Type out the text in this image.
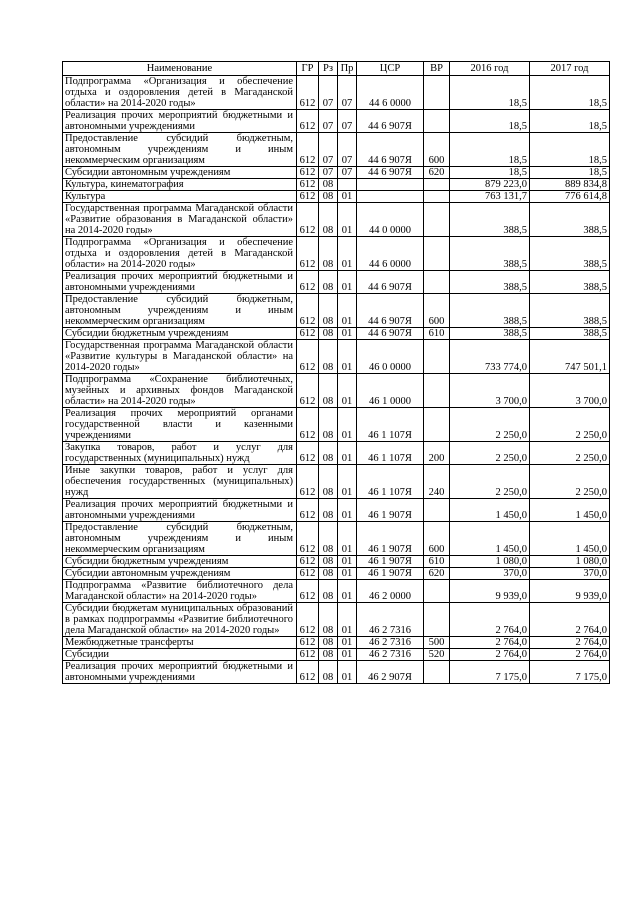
Наименование	ГР	Рз	Пр	ЦСР	ВР	2016 год	2017 год
Подпрограмма «Организация и обеспечение отдыха и оздоровления детей в Магаданской области» на 2014-2020 годы»	612	07	07	44 6 0000		18,5	18,5
Реализация прочих мероприятий бюджетными и автономными учреждениями	612	07	07	44 6 907Я		18,5	18,5
Предоставление субсидий бюджетным, автономным учреждениям и иным некоммерческим организациям	612	07	07	44 6 907Я	600	18,5	18,5
Субсидии автономным учреждениям	612	07	07	44 6 907Я	620	18,5	18,5
Культура, кинематография	612	08				879 223,0	889 834,8
Культура	612	08	01			763 131,7	776 614,8
Государственная программа Магаданской области «Развитие образования в Магаданской области» на 2014-2020 годы»	612	08	01	44 0 0000		388,5	388,5
Подпрограмма «Организация и обеспечение отдыха и оздоровления детей в Магаданской области» на 2014-2020 годы»	612	08	01	44 6 0000		388,5	388,5
Реализация прочих мероприятий бюджетными и автономными учреждениями	612	08	01	44 6 907Я		388,5	388,5
Предоставление субсидий бюджетным, автономным учреждениям и иным некоммерческим организациям	612	08	01	44 6 907Я	600	388,5	388,5
Субсидии бюджетным учреждениям	612	08	01	44 6 907Я	610	388,5	388,5
Государственная программа Магаданской области «Развитие культуры в Магаданской области» на 2014-2020 годы»	612	08	01	46 0 0000		733 774,0	747 501,1
Подпрограмма «Сохранение библиотечных, музейных и архивных фондов Магаданской области» на 2014-2020 годы»	612	08	01	46 1 0000		3 700,0	3 700,0
Реализация прочих мероприятий органами государственной власти и казенными учреждениями	612	08	01	46 1 107Я		2 250,0	2 250,0
Закупка товаров, работ и услуг для государственных (муниципальных) нужд	612	08	01	46 1 107Я	200	2 250,0	2 250,0
Иные закупки товаров, работ и услуг для обеспечения государственных (муниципальных) нужд	612	08	01	46 1 107Я	240	2 250,0	2 250,0
Реализация прочих мероприятий бюджетными и автономными учреждениями	612	08	01	46 1 907Я		1 450,0	1 450,0
Предоставление субсидий бюджетным, автономным учреждениям и иным некоммерческим организациям	612	08	01	46 1 907Я	600	1 450,0	1 450,0
Субсидии бюджетным учреждениям	612	08	01	46 1 907Я	610	1 080,0	1 080,0
Субсидии автономным учреждениям	612	08	01	46 1 907Я	620	370,0	370,0
Подпрограмма «Развитие библиотечного дела Магаданской области» на 2014-2020 годы»	612	08	01	46 2 0000		9 939,0	9 939,0
Субсидии бюджетам муниципальных образований в рамках подпрограммы «Развитие библиотечного дела Магаданской области» на 2014-2020 годы»	612	08	01	46 2 7316		2 764,0	2 764,0
Межбюджетные трансферты	612	08	01	46 2 7316	500	2 764,0	2 764,0
Субсидии	612	08	01	46 2 7316	520	2 764,0	2 764,0
Реализация прочих мероприятий бюджетными и автономными учреждениями	612	08	01	46 2 907Я		7 175,0	7 175,0
